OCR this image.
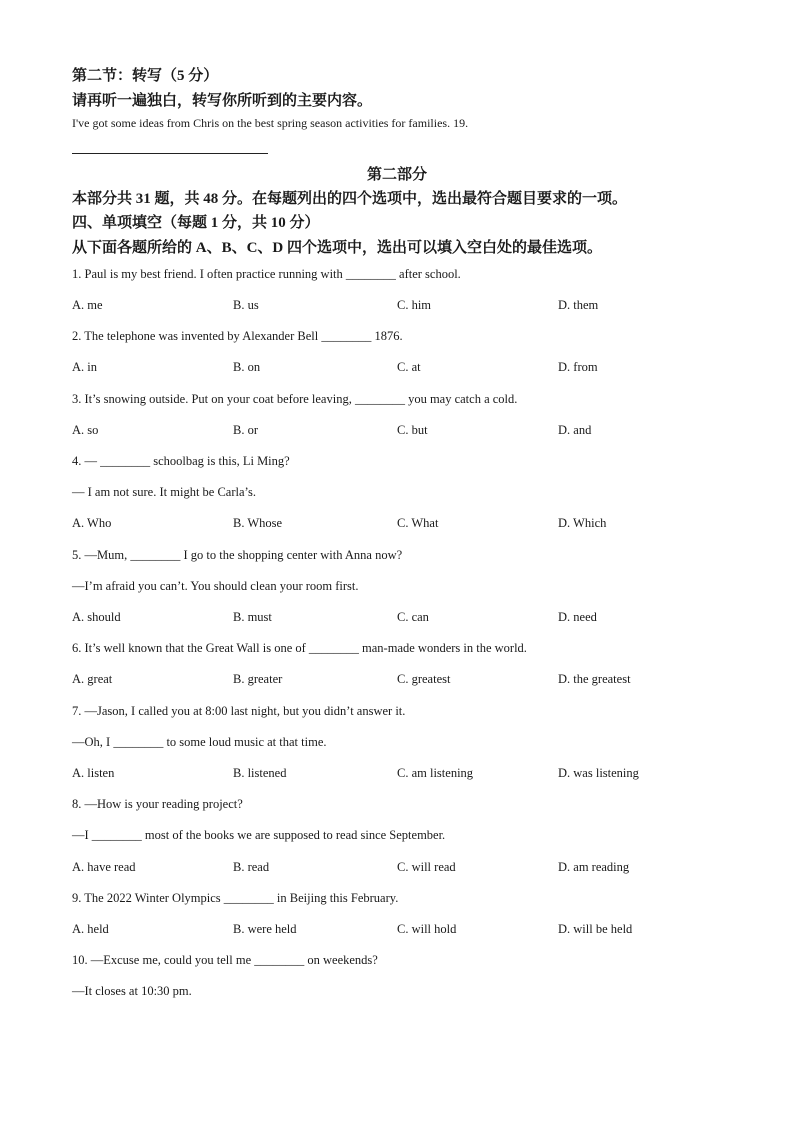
第二节：转写（5 分）
请再听一遍独白，转写你所听到的主要内容。
I've got some ideas from Chris on the best spring season activities for families. 19.
第二部分
本部分共 31 题，共 48 分。在每题列出的四个选项中，选出最符合题目要求的一项。
四、单项填空（每题 1 分，共 10 分）
从下面各题所给的 A、B、C、D 四个选项中，选出可以填入空白处的最佳选项。
1. Paul is my best friend. I often practice running with ________ after school.
A. me	B. us	C. him	D. them
2. The telephone was invented by Alexander Bell ________ 1876.
A. in	B. on	C. at	D. from
3. It’s snowing outside. Put on your coat before leaving, ________ you may catch a cold.
A. so	B. or	C. but	D. and
4. — ________ schoolbag is this, Li Ming?
— I am not sure. It might be Carla’s.
A. Who	B. Whose	C. What	D. Which
5. —Mum, ________ I go to the shopping center with Anna now?
—I’m afraid you can’t. You should clean your room first.
A. should	B. must	C. can	D. need
6. It’s well known that the Great Wall is one of ________ man-made wonders in the world.
A. great	B. greater	C. greatest	D. the greatest
7. —Jason, I called you at 8:00 last night, but you didn’t answer it.
—Oh, I ________ to some loud music at that time.
A. listen	B. listened	C. am listening	D. was listening
8. —How is your reading project?
—I ________ most of the books we are supposed to read since September.
A. have read	B. read	C. will read	D. am reading
9. The 2022 Winter Olympics ________ in Beijing this February.
A. held	B. were held	C. will hold	D. will be held
10. —Excuse me, could you tell me ________ on weekends?
—It closes at 10:30 pm.
